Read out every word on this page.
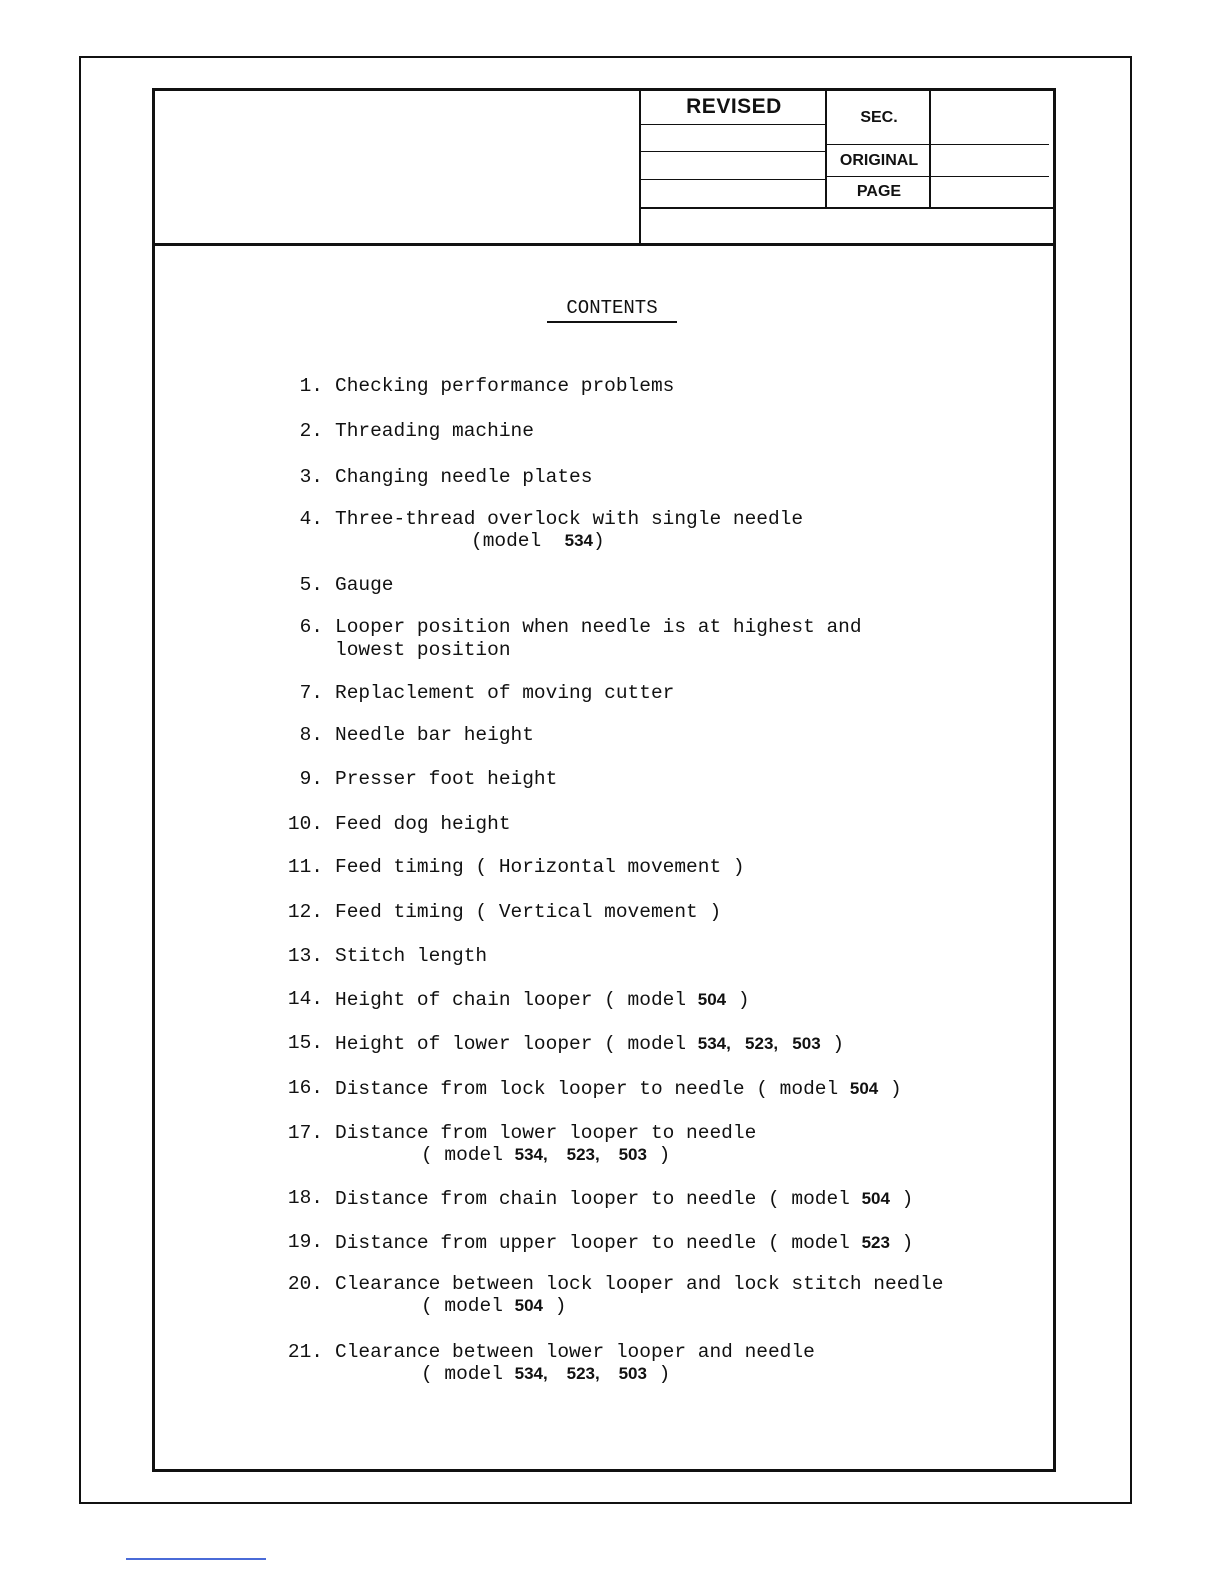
REVISED	SEC.
ORIGINAL
PAGE
CONTENTS
1. Checking performance problems
2. Threading machine
3. Changing needle plates
4. Three-thread overlock with single needle
(model  534)
5. Gauge
6. Looper position when needle is at highest and
lowest position
7. Replaclement of moving cutter
8. Needle bar height
9. Presser foot height
10. Feed dog height
11. Feed timing ( Horizontal movement )
12. Feed timing ( Vertical movement )
13. Stitch length
14. Height of chain looper ( model 504 )
15. Height of lower looper ( model 534,   523,   503 )
16. Distance from lock looper to needle ( model 504 )
17. Distance from lower looper to needle
( model 534,    523,    503 )
18. Distance from chain looper to needle ( model 504 )
19. Distance from upper looper to needle ( model 523 )
20. Clearance between lock looper and lock stitch needle
( model 504 )
21. Clearance between lower looper and needle
( model 534,    523,    503 )
